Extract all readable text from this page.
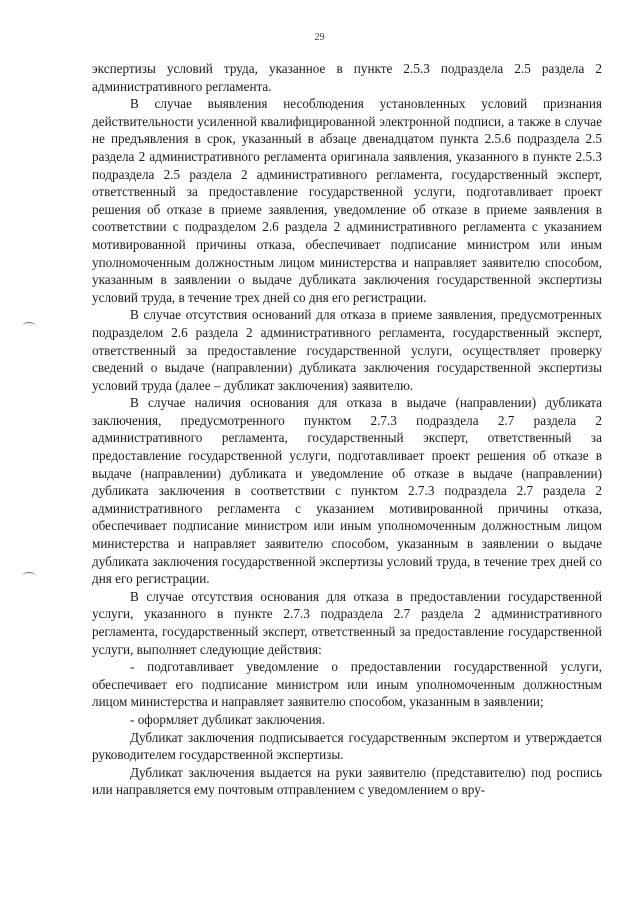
29

экспертизы условий труда, указанное в пункте 2.5.3 подраздела 2.5 раздела 2 административного регламента.

В случае выявления несоблюдения установленных условий признания действительности усиленной квалифицированной электронной подписи, а также в случае не предъявления в срок, указанный в абзаце двенадцатом пункта 2.5.6 подраздела 2.5 раздела 2 административного регламента оригинала заявления, указанного в пункте 2.5.3 подраздела 2.5 раздела 2 административного регламента, государственный эксперт, ответственный за предоставление государственной услуги, подготавливает проект решения об отказе в приеме заявления, уведомление об отказе в приеме заявления в соответствии с подразделом 2.6 раздела 2 административного регламента с указанием мотивированной причины отказа, обеспечивает подписание министром или иным уполномоченным должностным лицом министерства и направляет заявителю способом, указанным в заявлении о выдаче дубликата заключения государственной экспертизы условий труда, в течение трех дней со дня его регистрации.

В случае отсутствия оснований для отказа в приеме заявления, предусмотренных подразделом 2.6 раздела 2 административного регламента, государственный эксперт, ответственный за предоставление государственной услуги, осуществляет проверку сведений о выдаче (направлении) дубликата заключения государственной экспертизы условий труда (далее – дубликат заключения) заявителю.

В случае наличия основания для отказа в выдаче (направлении) дубликата заключения, предусмотренного пунктом 2.7.3 подраздела 2.7 раздела 2 административного регламента, государственный эксперт, ответственный за предоставление государственной услуги, подготавливает проект решения об отказе в выдаче (направлении) дубликата и уведомление об отказе в выдаче (направлении) дубликата заключения в соответствии с пунктом 2.7.3 подраздела 2.7 раздела 2 административного регламента с указанием мотивированной причины отказа, обеспечивает подписание министром или иным уполномоченным должностным лицом министерства и направляет заявителю способом, указанным в заявлении о выдаче дубликата заключения государственной экспертизы условий труда, в течение трех дней со дня его регистрации.

В случае отсутствия основания для отказа в предоставлении государственной услуги, указанного в пункте 2.7.3 подраздела 2.7 раздела 2 административного регламента, государственный эксперт, ответственный за предоставление государственной услуги, выполняет следующие действия:

- подготавливает уведомление о предоставлении государственной услуги, обеспечивает его подписание министром или иным уполномоченным должностным лицом министерства и направляет заявителю способом, указанным в заявлении;

- оформляет дубликат заключения.

Дубликат заключения подписывается государственным экспертом и утверждается руководителем государственной экспертизы.

Дубликат заключения выдается на руки заявителю (представителю) под роспись или направляется ему почтовым отправлением с уведомлением о вру-
